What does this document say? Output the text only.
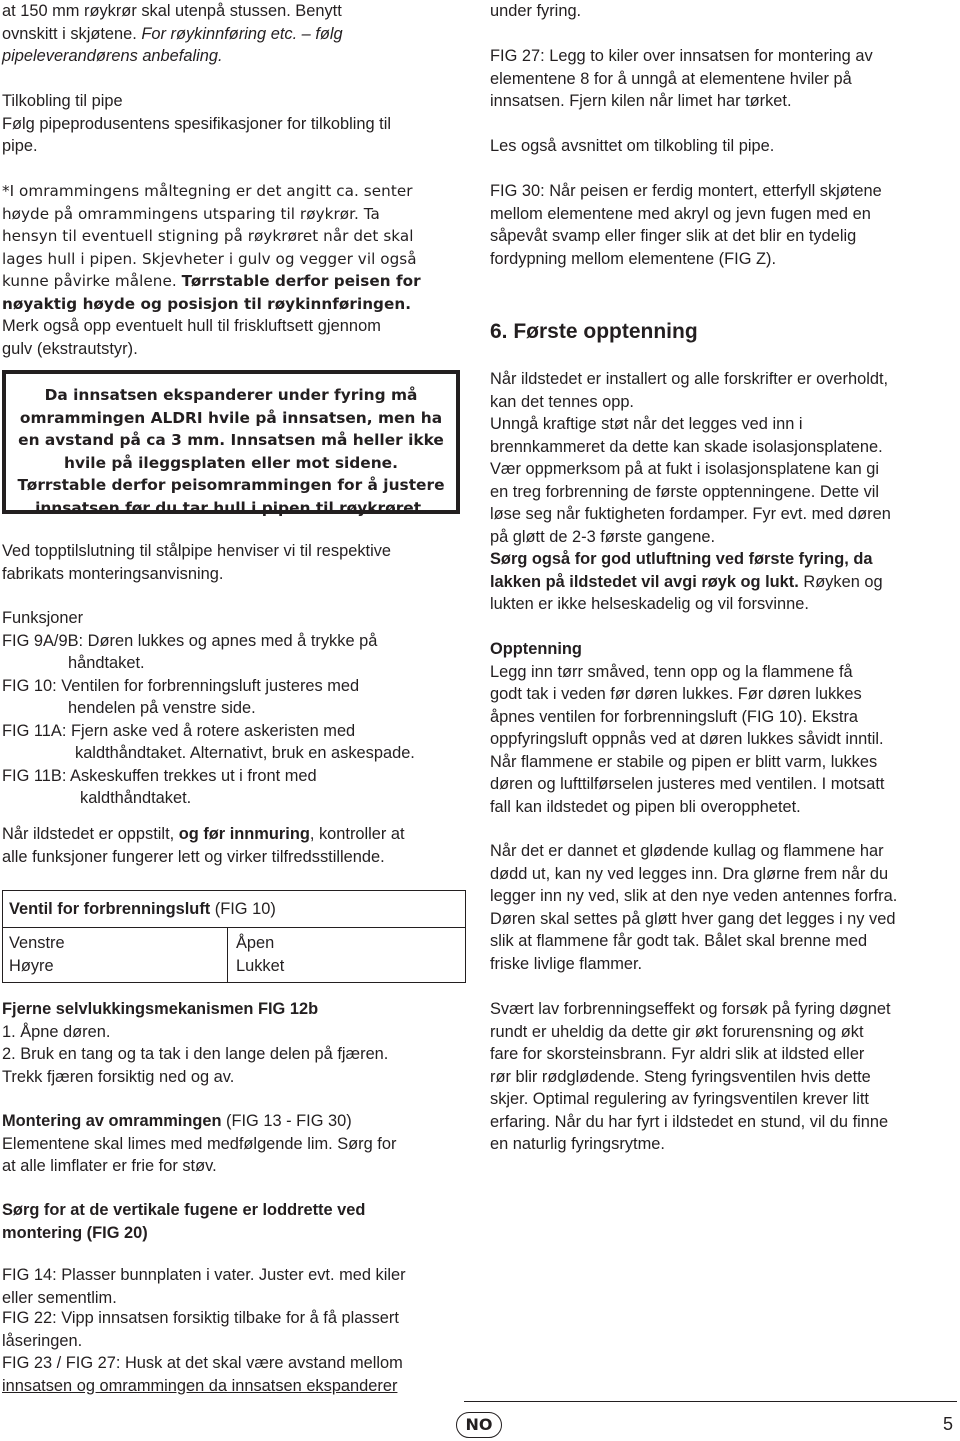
at 150 mm røykrør skal utenpå stussen. Benytt
ovnskitt i skjøtene. For røykinnføring etc. – følg
pipeleverandørens anbefaling.

Tilkobling til pipe

Følg pipeprodusentens spesifikasjoner for tilkobling til
pipe.

*I omrammingens måltegning er det angitt ca. senter
høyde på omrammingens utsparing til røykrør. Ta
hensyn til eventuell stigning på røykrøret når det skal
lages hull i pipen. Skjevheter i gulv og vegger vil også
kunne påvirke målene. Tørrstable derfor peisen for
nøyaktig høyde og posisjon til røykinnføringen.
Merk også opp eventuelt hull til friskluftsett gjennom
gulv (ekstrautstyr).

Da innsatsen ekspanderer under fyring må
omrammingen ALDRI hvile på innsatsen, men ha
en avstand på ca 3 mm. Innsatsen må heller ikke
hvile på ileggsplaten eller mot sidene.
Tørrstable derfor peisomrammingen for å justere
innsatsen før du tar hull i pipen til røykrøret.

Ved topptilslutning til stålpipe henviser vi til respektive
fabrikats monteringsanvisning.

Funksjoner

FIG 9A/9B: Døren lukkes og apnes med å trykke på
håndtaket.
FIG 10: Ventilen for forbrenningsluft justeres med
hendelen på venstre side.
FIG 11A: Fjern aske ved å rotere askeristen med
kaldthåndtaket. Alternativt, bruk en askespade.
FIG 11B: Askeskuffen trekkes ut i front med
kaldthåndtaket.

Når ildstedet er oppstilt, og før innmuring, kontroller at
alle funksjoner fungerer lett og virker tilfredsstillende.

Ventil for forbrenningsluft (FIG 10)
Venstre
Høyre
Åpen
Lukket

Fjerne selvlukkingsmekanismen FIG 12b

1. Åpne døren.
2. Bruk en tang og ta tak i den lange delen på fjæren.
Trekk fjæren forsiktig ned og av.

Montering av omrammingen (FIG 13 - FIG 30)

Elementene skal limes med medfølgende lim. Sørg for
at alle limflater er frie for støv.

Sørg for at de vertikale fugene er loddrette ved
montering (FIG 20)

FIG 14: Plasser bunnplaten i vater. Juster evt. med kiler
eller sementlim.

FIG 22: Vipp innsatsen forsiktig tilbake for å få plassert
låseringen.

FIG 23 / FIG 27: Husk at det skal være avstand mellom

innsatsen og omrammingen da innsatsen ekspanderer

under fyring.

FIG 27: Legg to kiler over innsatsen for montering av
elementene 8 for å unngå at elementene hviler på
innsatsen. Fjern kilen når limet har tørket.

Les også avsnittet om tilkobling til pipe.

FIG 30: Når peisen er ferdig montert, etterfyll skjøtene
mellom elementene med akryl og jevn fugen med en
såpevåt svamp eller finger slik at det blir en tydelig
fordypning mellom elementene (FIG Z).

6. Første opptenning

Når ildstedet er installert og alle forskrifter er overholdt,
kan det tennes opp.
Unngå kraftige støt når det legges ved inn i
brennkammeret da dette kan skade isolasjonsplatene.
Vær oppmerksom på at fukt i isolasjonsplatene kan gi
en treg forbrenning de første opptenningene. Dette vil
løse seg når fuktigheten fordamper. Fyr evt. med døren
på gløtt de 2-3 første gangene.
Sørg også for god utluftning ved første fyring, da
lakken på ildstedet vil avgi røyk og lukt. Røyken og
lukten er ikke helseskadelig og vil forsvinne.

Opptenning

Legg inn tørr småved, tenn opp og la flammene få
godt tak i veden før døren lukkes. Før døren lukkes
åpnes ventilen for forbrenningsluft (FIG 10). Ekstra
oppfyringsluft oppnås ved at døren lukkes såvidt inntil.
Når flammene er stabile og pipen er blitt varm, lukkes
døren og lufttilførselen justeres med ventilen. I motsatt
fall kan ildstedet og pipen bli overopphetet.

Når det er dannet et glødende kullag og flammene har
dødd ut, kan ny ved legges inn. Dra glørne frem når du
legger inn ny ved, slik at den nye veden antennes forfra.
Døren skal settes på gløtt hver gang det legges i ny ved
slik at flammene får godt tak. Bålet skal brenne med
friske livlige flammer.

Svært lav forbrenningseffekt og forsøk på fyring døgnet
rundt er uheldig da dette gir økt forurensning og økt
fare for skorsteinsbrann. Fyr aldri slik at ildsted eller
rør blir rødglødende. Steng fyringsventilen hvis dette
skjer. Optimal regulering av fyringsventilen krever litt
erfaring. Når du har fyrt i ildstedet en stund, vil du finne
en naturlig fyringsrytme.

NO	5
